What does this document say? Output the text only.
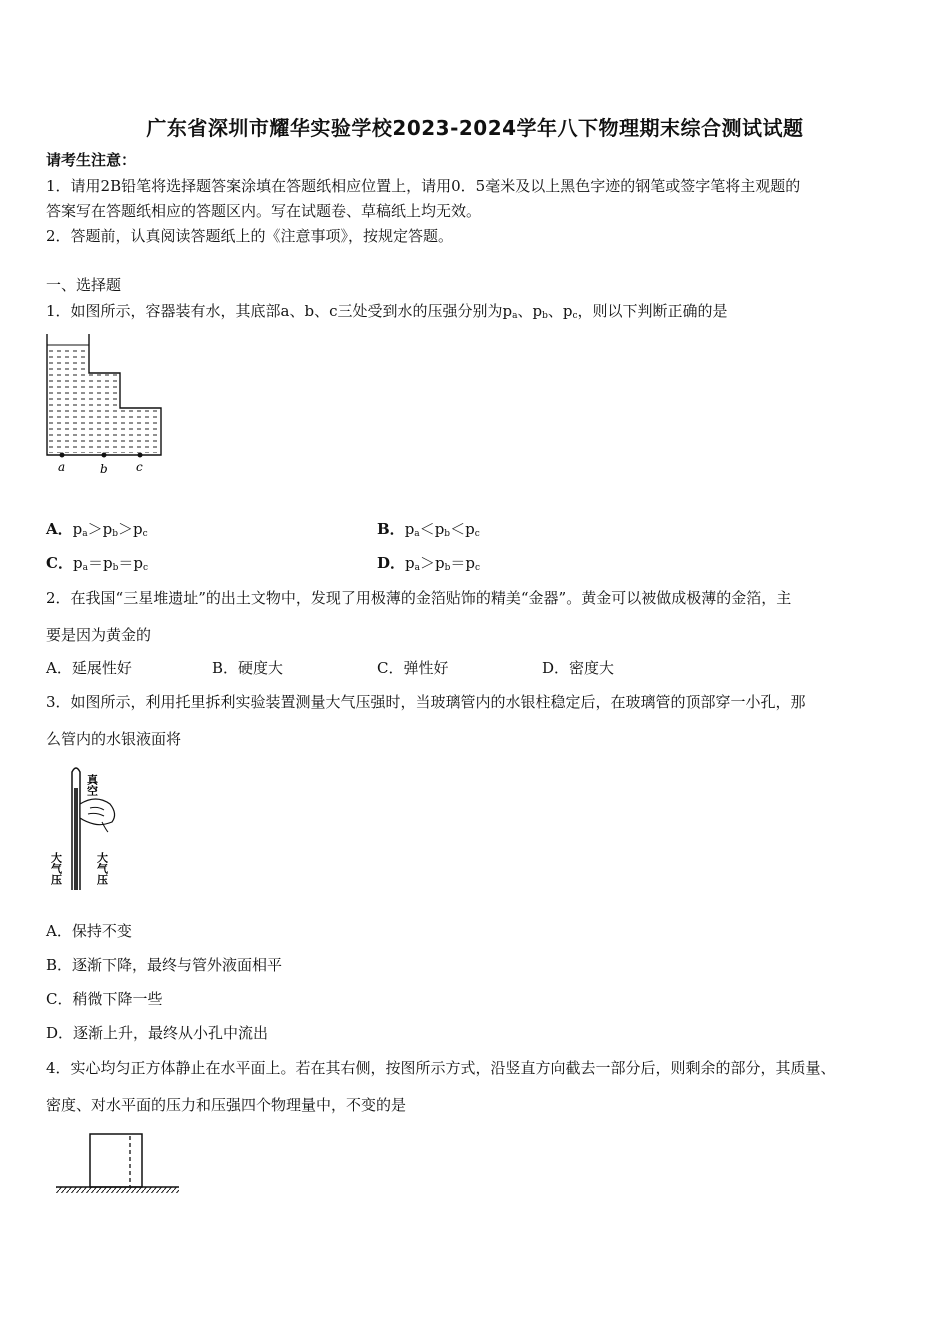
广东省深圳市耀华实验学校2023-2024学年八下物理期末综合测试试题
请考生注意：
1．请用2B铅笔将选择题答案涂填在答题纸相应位置上，请用0．5毫米及以上黑色字迹的钢笔或签字笔将主观题的
答案写在答题纸相应的答题区内。写在试题卷、草稿纸上均无效。
2．答题前，认真阅读答题纸上的《注意事项》，按规定答题。
一、选择题
1．如图所示，容器装有水，其底部a、b、c三处受到水的压强分别为$p_a$、$p_b$、$p_c$，则以下判断正确的是
a	b c
A．$p_a>p_b>p_c$	B．$p_a<p_b<p_c$
C．$p_a=p_b=p_c$	D．$p_a>p_b=p_c$
2．在我国“三星堆遗址”的出土文物中，发现了用极薄的金箔贴饰的精美“金器”。黄金可以被做成极薄的金箔，主
要是因为黄金的
A．延展性好	B．硬度大	C．弹性好	D．密度大
3．如图所示，利用托里拆利实验装置测量大气压强时，当玻璃管内的水银柱稳定后，在玻璃管的顶部穿一小孔，那
么管内的水银液面将
真空
大气压	大气压
A．保持不变
B．逐渐下降，最终与管外液面相平
C．稍微下降一些
D．逐渐上升，最终从小孔中流出
4．实心均匀正方体静止在水平面上。若在其右侧，按图所示方式，沿竖直方向截去一部分后，则剩余的部分，其质量、
密度、对水平面的压力和压强四个物理量中，不变的是
